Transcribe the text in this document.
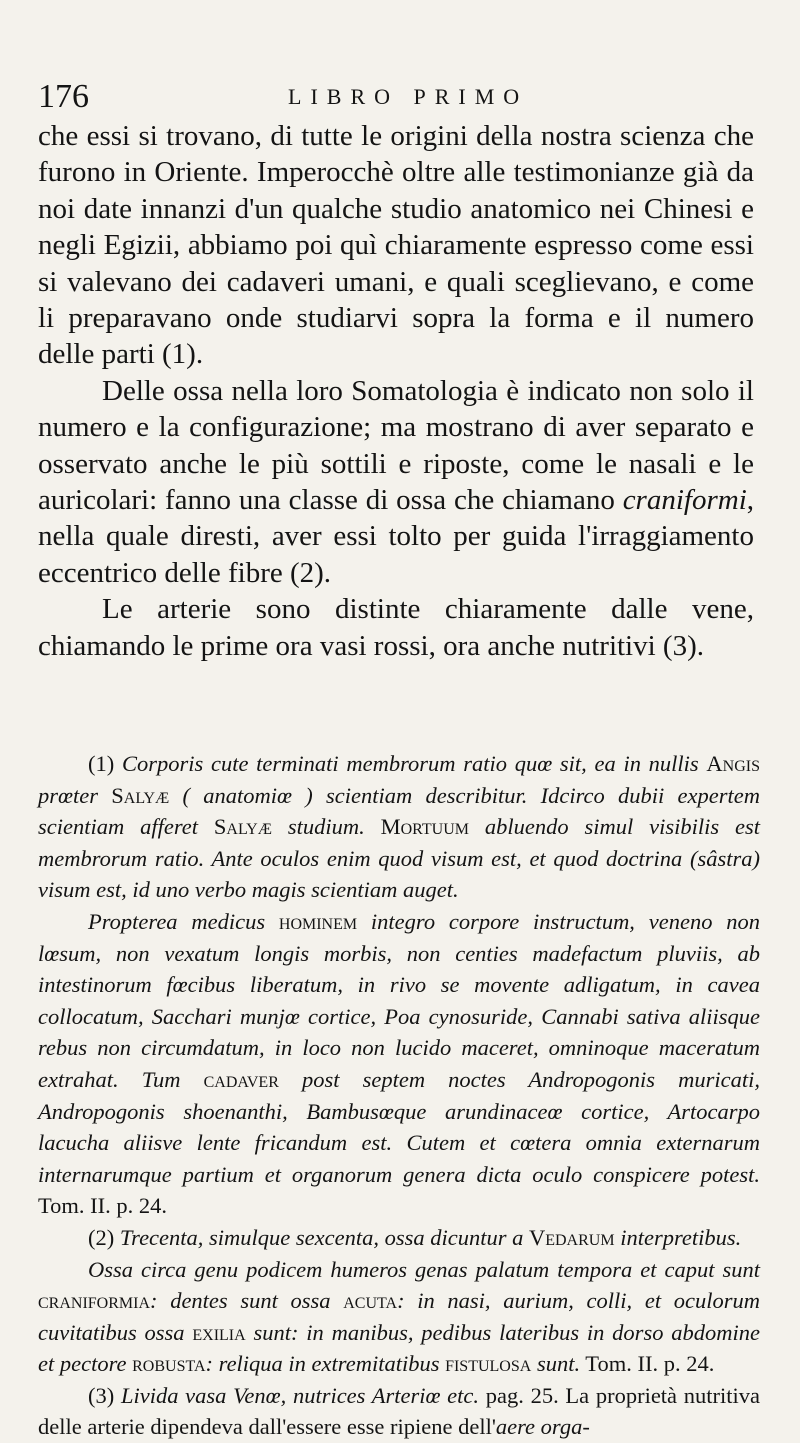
176	LIBRO PRIMO

che essi si trovano, di tutte le origini della nostra scienza che furono in Oriente. Imperocchè oltre alle testimonianze già da noi date innanzi d'un qualche studio anatomico nei Chinesi e negli Egizii, abbiamo poi quì chiaramente espresso come essi si valevano dei cadaveri umani, e quali sceglievano, e come li preparavano onde studiarvi sopra la forma e il numero delle parti (1).

Delle ossa nella loro Somatologia è indicato non solo il numero e la configurazione; ma mostrano di aver separato e osservato anche le più sottili e riposte, come le nasali e le auricolari: fanno una classe di ossa che chiamano craniformi, nella quale diresti, aver essi tolto per guida l'irraggiamento eccentrico delle fibre (2).

Le arterie sono distinte chiaramente dalle vene, chiamando le prime ora vasi rossi, ora anche nutritivi (3).

(1) Corporis cute terminati membrorum ratio quœ sit, ea in nullis Angis prœter Salyæ ( anatomiœ ) scientiam describitur. Idcirco dubii expertem scientiam afferet Salyæ studium. Mortuum abluendo simul visibilis est membrorum ratio. Ante oculos enim quod visum est, et quod doctrina (sâstra) visum est, id uno verbo magis scientiam auget.

Propterea medicus hominem integro corpore instructum, veneno non lœsum, non vexatum longis morbis, non centies madefactum pluviis, ab intestinorum fœcibus liberatum, in rivo se movente adligatum, in cavea collocatum, Sacchari munjœ cortice, Poa cynosuride, Cannabi sativa aliisque rebus non circumdatum, in loco non lucido maceret, omninoque maceratum extrahat. Tum cadaver post septem noctes Andropogonis muricati, Andropogonis shoenanthi, Bambusœque arundinaceœ cortice, Artocarpo lacucha aliisve lente fricandum est. Cutem et cœtera omnia externarum internarumque partium et organorum genera dicta oculo conspicere potest. Tom. II. p. 24.

(2) Trecenta, simulque sexcenta, ossa dicuntur a Vedarum interpretibus.

Ossa circa genu podicem humeros genas palatum tempora et caput sunt craniformia: dentes sunt ossa acuta: in nasi, aurium, colli, et oculorum cuvitatibus ossa exilia sunt: in manibus, pedibus lateribus in dorso abdomine et pectore robusta: reliqua in extremitatibus fistulosa sunt. Tom. II. p. 24.

(3) Livida vasa Venœ, nutrices Arteriœ etc. pag. 25. La proprietà nutritiva delle arterie dipendeva dall'essere esse ripiene dell'aere orga-
